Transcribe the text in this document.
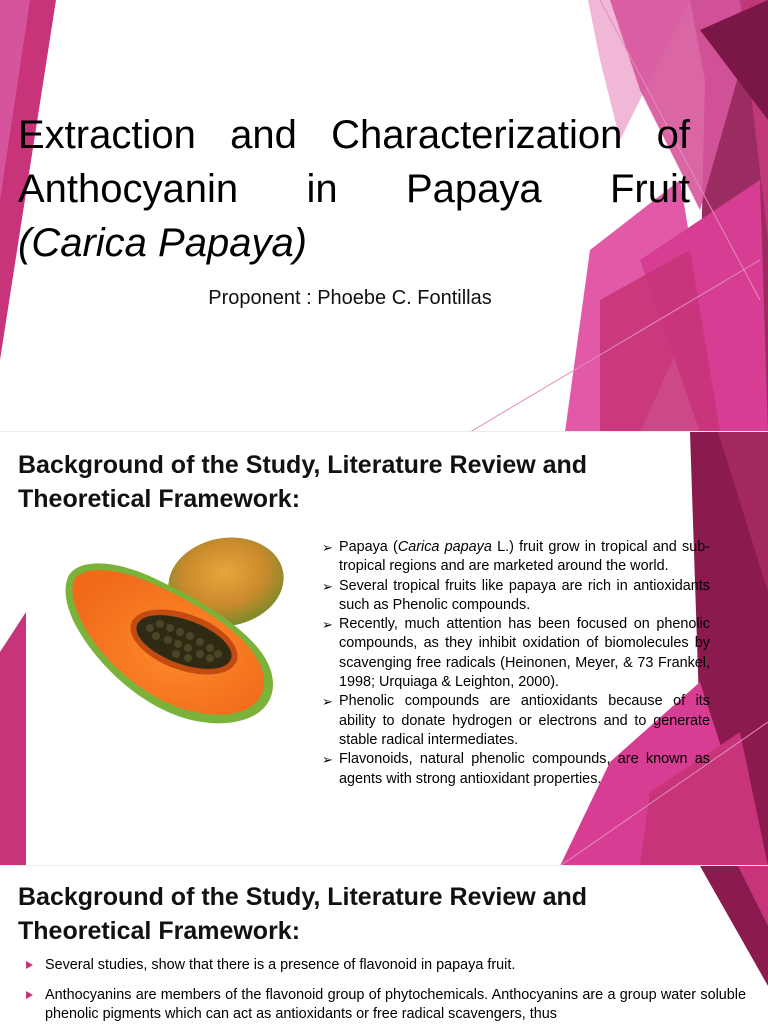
Extraction and Characterization of
Anthocyanin in Papaya Fruit
(Carica Papaya)
Proponent : Phoebe C. Fontillas
Background of the Study, Literature Review and Theoretical Framework:
➢ Papaya (Carica papaya L.) fruit grow in tropical and sub-tropical regions and are marketed around the world.
➢ Several tropical fruits like papaya are rich in antioxidants such as Phenolic compounds.
➢ Recently, much attention has been focused on phenolic compounds, as they inhibit oxidation of biomolecules by scavenging free radicals (Heinonen, Meyer, & 73 Frankel, 1998; Urquiaga & Leighton, 2000).
➢ Phenolic compounds are antioxidants because of its ability to donate hydrogen or electrons and to generate stable radical intermediates.
➢ Flavonoids, natural phenolic compounds, are known as agents with strong antioxidant properties.
Background of the Study, Literature Review and Theoretical Framework:
Several studies, show that there is a presence of flavonoid in papaya fruit.
Anthocyanins are members of the flavonoid group of phytochemicals. Anthocyanins are a group water soluble phenolic pigments which can act as antioxidants or free radical scavengers, thus
